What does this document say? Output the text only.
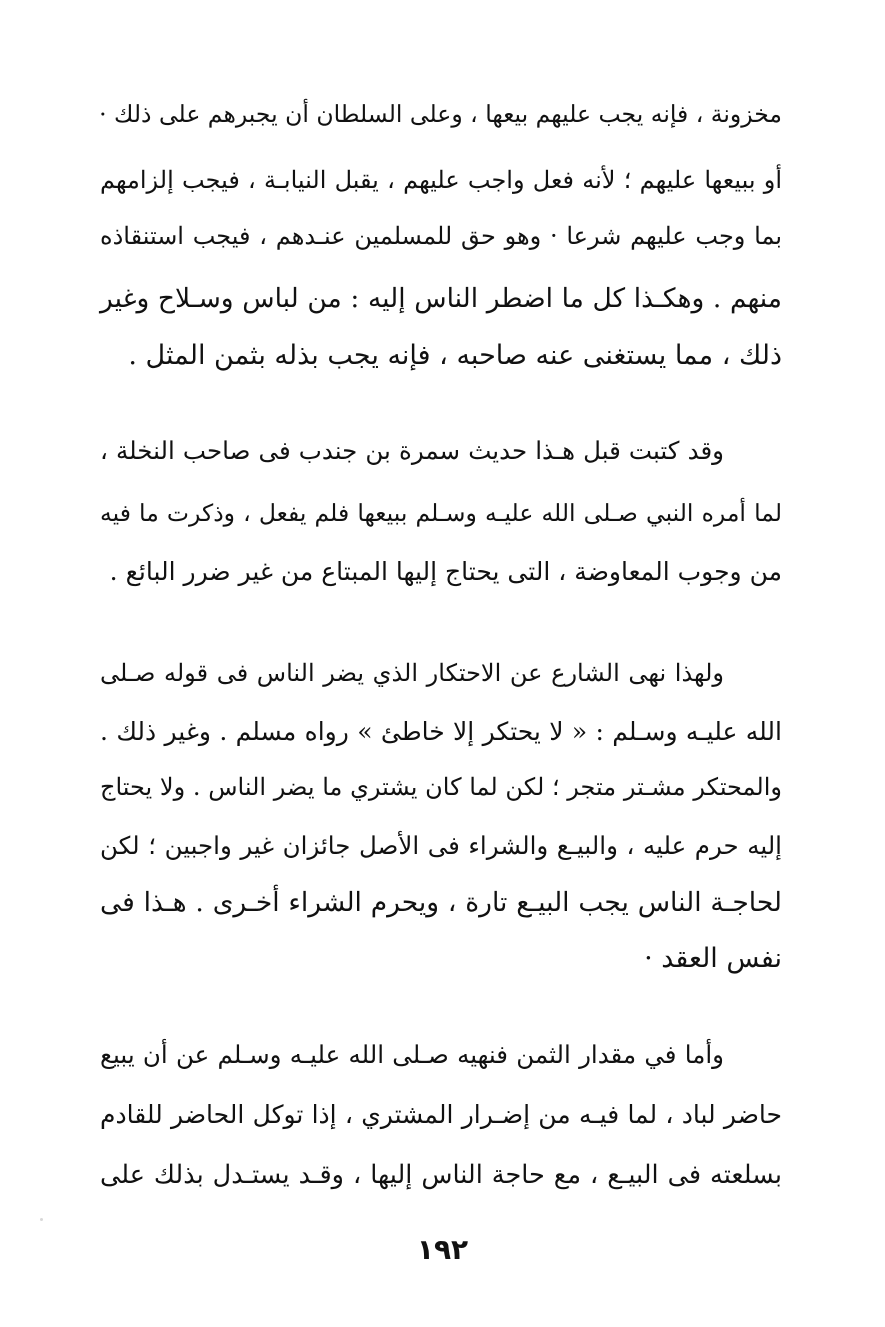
مخزونة ، فإنه يجب عليهم بيعها ، وعلى السلطان أن يجبرهم على ذلك ·
أو ببيعها عليهم ؛ لأنه فعل واجب عليهم ، يقبل النيابـة ، فيجب إلزامهم
بما وجب عليهم شرعا · وهو حق للمسلمين عنـدهم ، فيجب استنقاذه
منهم . وهكـذا كل ما اضطر الناس إليه : من لباس وسـلاح وغير
ذلك ، مما يستغنى عنه صاحبه ، فإنه يجب بذله بثمن المثل .
وقد كتبت قبل هـذا حديث سمرة بن جندب فى صاحب النخلة ،
لما أمره النبي صـلى الله عليـه وسـلم ببيعها فلم يفعل ، وذكرت ما فيه
من وجوب المعاوضة ، التى يحتاج إليها المبتاع من غير ضرر البائع .
ولهذا نهى الشارع عن الاحتكار الذي يضر الناس فى قوله صـلى
الله عليـه وسـلم : « لا يحتكر إلا خاطئ » رواه مسلم . وغير ذلك .
والمحتكر مشـتر متجر ؛ لكن لما كان يشتري ما يضر الناس . ولا يحتاج
إليه حرم عليه ، والبيـع والشراء فى الأصل جائزان غير واجبين ؛ لكن
لحاجـة الناس يجب البيـع تارة ، ويحرم الشراء أخـرى . هـذا فى
نفس العقد ·
وأما في مقدار الثمن فنهيه صـلى الله عليـه وسـلم عن أن يبيع
حاضر لباد ، لما فيـه من إضـرار المشتري ، إذا توكل الحاضر للقادم
بسلعته فى البيـع ، مع حاجة الناس إليها ، وقـد يستـدل بذلك على
١٩٢
